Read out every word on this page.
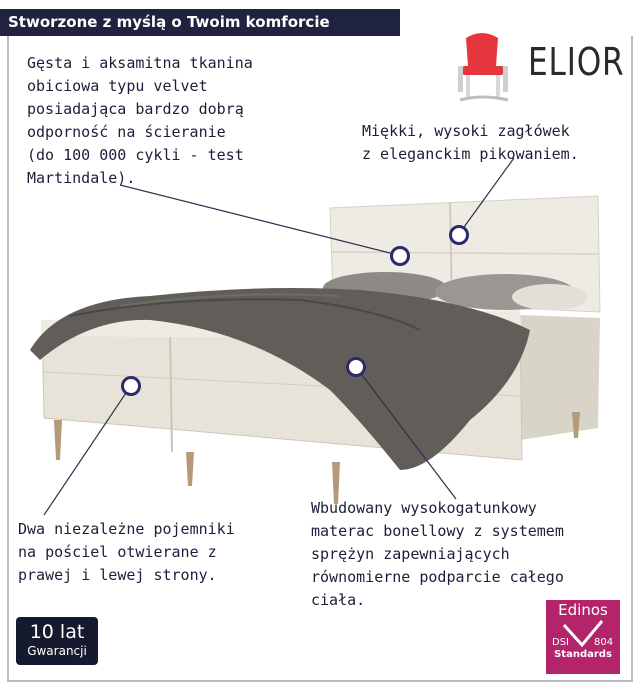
Stworzone z myślą o Twoim komforcie
ELIOR
Gęsta i aksamitna tkanina
obiciowa typu velvet
posiadająca bardzo dobrą
odporność na ścieranie
(do 100 000 cykli - test
Martindale).
Miękki, wysoki zagłówek
z eleganckim pikowaniem.
Dwa niezależne pojemniki
na pościel otwierane z
prawej i lewej strony.
Wbudowany wysokogatunkowy
materac bonellowy z systemem
sprężyn zapewniających
równomierne podparcie całego
ciała.
10 lat
Gwarancji
Edinos
DSI	804
Standards
